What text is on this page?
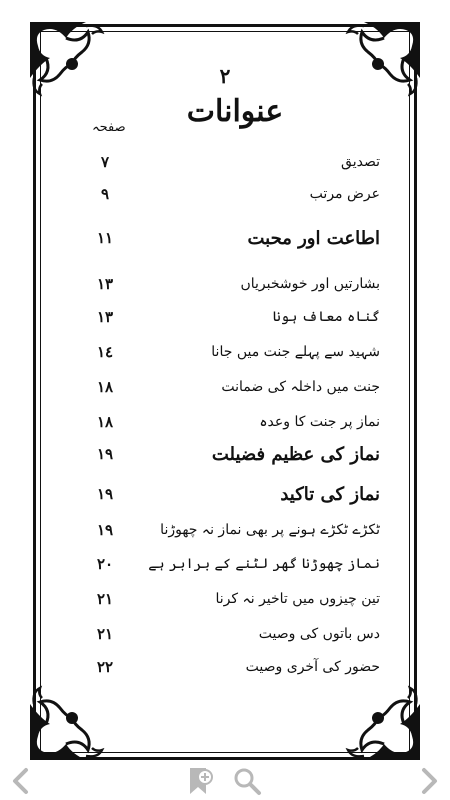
٢
عنوانات
صفحہ
٧	تصدیق
٩	عرض مرتب
١١	اطاعت اور محبت
١٣	بشارتیں اور خوشخبریاں
١٣	گناہ معاف ہونا
١٤	شہید سے پہلے جنت میں جانا
١٨	جنت میں داخلہ کی ضمانت
١٨	نماز پر جنت کا وعدہ
١٩	نماز کی عظیم فضیلت
١٩	نماز کی تاکید
١٩	ٹکڑے ٹکڑے ہونے پر بھی نماز نہ چھوڑنا
٢٠	نماز چھوڑنا گھر لٹنے کے برابر ہے
٢١	تین چیزوں میں تاخیر نہ کرنا
٢١	دس باتوں کی وصیت
٢٢	حضور کی آخری وصیت
